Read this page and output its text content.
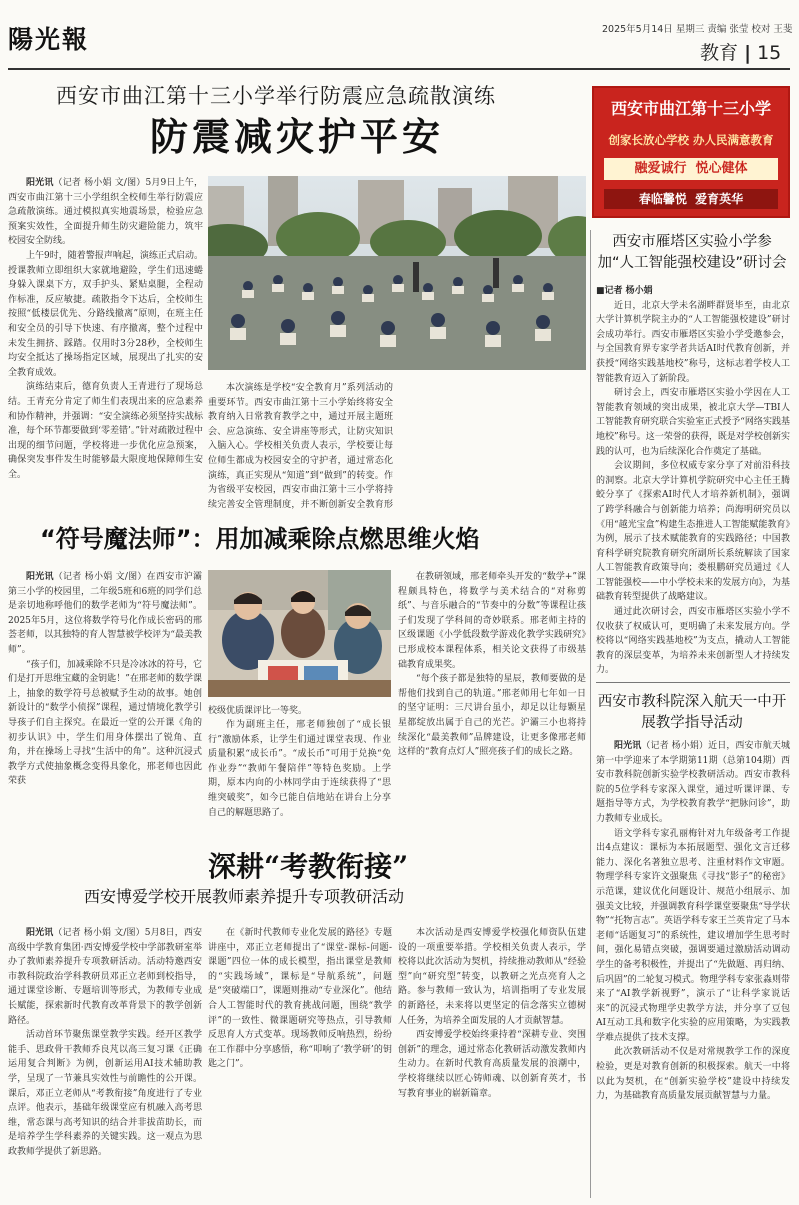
陽光報	2025年5月14日 星期三 责编 张莹 校对 王斐
教育 | 15
西安市曲江第十三小学举行防震应急疏散演练
防震减灾护平安

阳光讯（记者 杨小娟 文/图）5月9日上午，西安市曲江第十三小学组织全校师生举行防震应急疏散演练。通过模拟真实地震场景，检验应急预案实效性，全面提升师生防灾避险能力，筑牢校园安全防线。

上午9时，随着警报声响起，演练正式启动。授课教师立即组织大家就地避险，学生们迅速蜷身躲入课桌下方，双手护头、紧贴桌腿，全程动作标准，反应敏捷。疏散指令下达后，全校师生按照“低楼层优先、分路线撤离”原则，在班主任和安全员的引导下快速、有序撤离，整个过程中未发生拥挤、踩踏。仅用时3分28秒，全校师生均安全抵达了操场指定区域，展现出了扎实的安全教育成效。

演练结束后，德育负责人王青进行了现场总结。王青充分肯定了师生们表现出来的应急素养和协作精神，并强调：“安全演练必须坚持实战标准，每个环节都要做到‘零差错’。”针对疏散过程中出现的细节问题，学校将进一步优化应急预案，确保突发事件发生时能够最大限度地保障师生安全。

本次演练是学校“安全教育月”系列活动的重要环节。西安市曲江第十三小学始终将安全教育纳入日常教育教学之中，通过开展主题班会、应急演练、安全讲座等形式，让防灾知识入脑入心。学校相关负责人表示，学校要让每位师生都成为校园安全的守护者，通过常态化演练，真正实现从“知道”到“做到”的转变。作为省级平安校园，西安市曲江第十三小学将持续完善安全管理制度，并不断创新安全教育形

西安市曲江第十三小学
创家长放心学校 办人民满意教育
融爱诚行  悦心健体
春临馨悦  爱育英华
西安市雁塔区实验小学参加“人工智能强校建设”研讨会

■记者 杨小娟

近日，北京大学未名湖畔群贤毕至，由北京大学计算机学院主办的“人工智能强校建设”研讨会成功举行。西安市雁塔区实验小学受邀参会，与全国教育界专家学者共话AI时代教育创新，并获授“网络实践基地校”称号，这标志着学校人工智能教育迈入了新阶段。

研讨会上，西安市雁塔区实验小学因在人工智能教育领域的突出成果，被北京大学—TBI人工智能教育研究联合实验室正式授予“网络实践基地校”称号。这一荣誉的获得，既是对学校创新实践的认可，也为后续深化合作奠定了基础。

会议期间，多位权威专家分享了对前沿科技的洞察。北京大学计算机学院研究中心主任王腾蛟分享了《探索AI时代人才培养新机制》，强调了跨学科融合与创新能力培养；尚海明研究员以《用“越光宝盒”构建生态推进人工智能赋能教育》为例，展示了技术赋能教育的实践路径；中国教育科学研究院教育研究所副所长系统解读了国家人工智能教育政策导向；娄根鹏研究员通过《人工智能强校——中小学校未来的发展方向》，为基础教育转型提供了战略建议。

通过此次研讨会，西安市雁塔区实验小学不仅收获了权威认可，更明确了未来发展方向。学校将以“网络实践基地校”为支点，撬动人工智能教育的深层变革，为培养未来创新型人才持续发力。

西安市教科院深入航天一中开展教学指导活动

阳光讯（记者 杨小娟）近日，西安市航天城第一中学迎来了本学期第11期（总第104期）西安市教科院创新实验学校教研活动。西安市教科院的5位学科专家深入课堂，通过听课评课、专题指导等方式，为学校教育教学“把脉问诊”，助力教师专业成长。

语文学科专家孔丽梅针对九年级备考工作提出4点建议：课标为本拓展题型、强化文言迁移能力、深化名著独立思考、注重材料作文审题。物理学科专家许文强聚焦《寻找“影子”的秘密》示范课，建议优化问题设计、规范小组展示、加强美文比较，并强调教育科学课堂要聚焦“导学状物”“托物言志”。英语学科专家王兰英肯定了马本老师“话题复习”的系统性，建议增加学生思考时间，强化易错点突破，强调要通过激励活动调动学生的备考积极性，并提出了“先做题、再归纳、后巩固”的二轮复习模式。物理学科专家张淼则带来了“AI教学新视野”，演示了“让科学家说话来”的沉浸式物理学史教学方法，并分享了豆包AI互动工具和数字化实验的应用策略，为实践教学难点提供了技术支撑。

此次教研活动不仅是对常规教学工作的深度检验，更是对教育创新的积极探索。航天一中将以此为契机，在“创新实验学校”建设中持续发力，为基础教育高质量发展贡献智慧与力量。

“符号魔法师”：用加减乘除点燃思维火焰

阳光讯（记者 杨小娟 文/图）在西安市沪灞第三小学的校园里，二年级5班和6班的同学们总是亲切地称呼他们的数学老师为“符号魔法师”。2025年5月，这位将数学符号化作成长密码的邢荟老师，以其独特的育人智慧被学校评为“最美教师”。

“孩子们，加减乘除不只是冷冰冰的符号，它们是打开思维宝藏的金钥匙！”在邢老师的数学课上，抽象的数学符号总被赋予生动的故事。她创新设计的“数学小侦探”课程，通过情境化教学引导孩子们自主探究。在最近一堂的公开课《角的初步认识》中，学生们用身体摆出了锐角、直角，并在操场上寻找“生活中的角”。这种沉浸式教学方式使抽象概念变得具象化，邢老师也因此荣获

校级优质课评比一等奖。

作为副班主任，邢老师独创了“成长银行”激励体系，让学生们通过课堂表现、作业质量积累“成长币”。“成长币”可用于兑换“免作业券”“教师午餐陪伴”等特色奖励。上学期，原本内向的小林同学由于连续获得了“思维突破奖”，如今已能自信地站在讲台上分享自己的解题思路了。

在教研领域，邢老师牵头开发的“数学+”课程颇具特色，将数学与美术结合的“对称剪纸”、与音乐融合的“节奏中的分数”等课程让孩子们发现了学科间的奇妙联系。邢老师主持的区级课题《小学低段数学游戏化教学实践研究》已形成校本课程体系，相关论文获得了市级基础教育成果奖。

“每个孩子都是独特的星辰，教师要做的是帮他们找到自己的轨道。”邢老师用七年如一日的坚守证明：三尺讲台虽小，却足以让每颗星星都绽放出属于自己的光芒。沪灞三小也将持续深化“最美教师”品牌建设，让更多像邢老师这样的“教育点灯人”照亮孩子们的成长之路。

深耕“考教衔接”
西安博爱学校开展教师素养提升专项教研活动

阳光讯（记者 杨小娟 文/图）5月8日，西安高级中学教育集团·西安博爱学校中学部教研室举办了教师素养提升专项教研活动。活动特邀西安市教科院政治学科教研员邓正立老师到校指导，通过课堂诊断、专题培训等形式，为教师专业成长赋能，探索新时代教育改革背景下的教学创新路径。

活动首环节聚焦课堂教学实践。经开区教学能手、思政骨干教师乔良芃以高三复习课《正确运用复合判断》为例，创新运用AI技术辅助教学，呈现了一节兼具实效性与前瞻性的公开课。课后，邓正立老师从“考教衔接”角度进行了专业点评。他表示，基础年级课堂应有机融入高考思维，常态课与高考知识的结合并非拔苗助长，而是培养学生学科素养的关键实践。这一观点为思政教师学提供了新思路。

在《新时代教师专业化发展的路径》专题讲座中，邓正立老师提出了“课堂-课标-问题-课题”四位一体的成长模型，指出课堂是教师的“实践场域”，课标是“导航系统”，问题是“突破端口”，课题则推动“专业深化”。他结合人工智能时代的教育挑战问题，围绕“教学评”的一致性、微课题研究等热点，引导教师反思育人方式变革。现场教师反响热烈，纷纷在工作群中分享感悟，称“叩响了‘教学研’的钥匙之门”。

本次活动是西安博爱学校强化师资队伍建设的一项重要举措。学校相关负责人表示，学校将以此次活动为契机，持续推动教师从“经验型”向“研究型”转变，以教研之光点亮育人之路。参与教师一致认为，培训指明了专业发展的新路径，未来将以更坚定的信念落实立德树人任务，为培养全面发展的人才贡献智慧。

西安博爱学校始终秉持着“深耕专业、突围创新”的理念，通过常态化教研活动激发教师内生动力。在新时代教育高质量发展的浪潮中，学校将继续以匠心铸师魂、以创新育英才，书写教育事业的崭新篇章。
